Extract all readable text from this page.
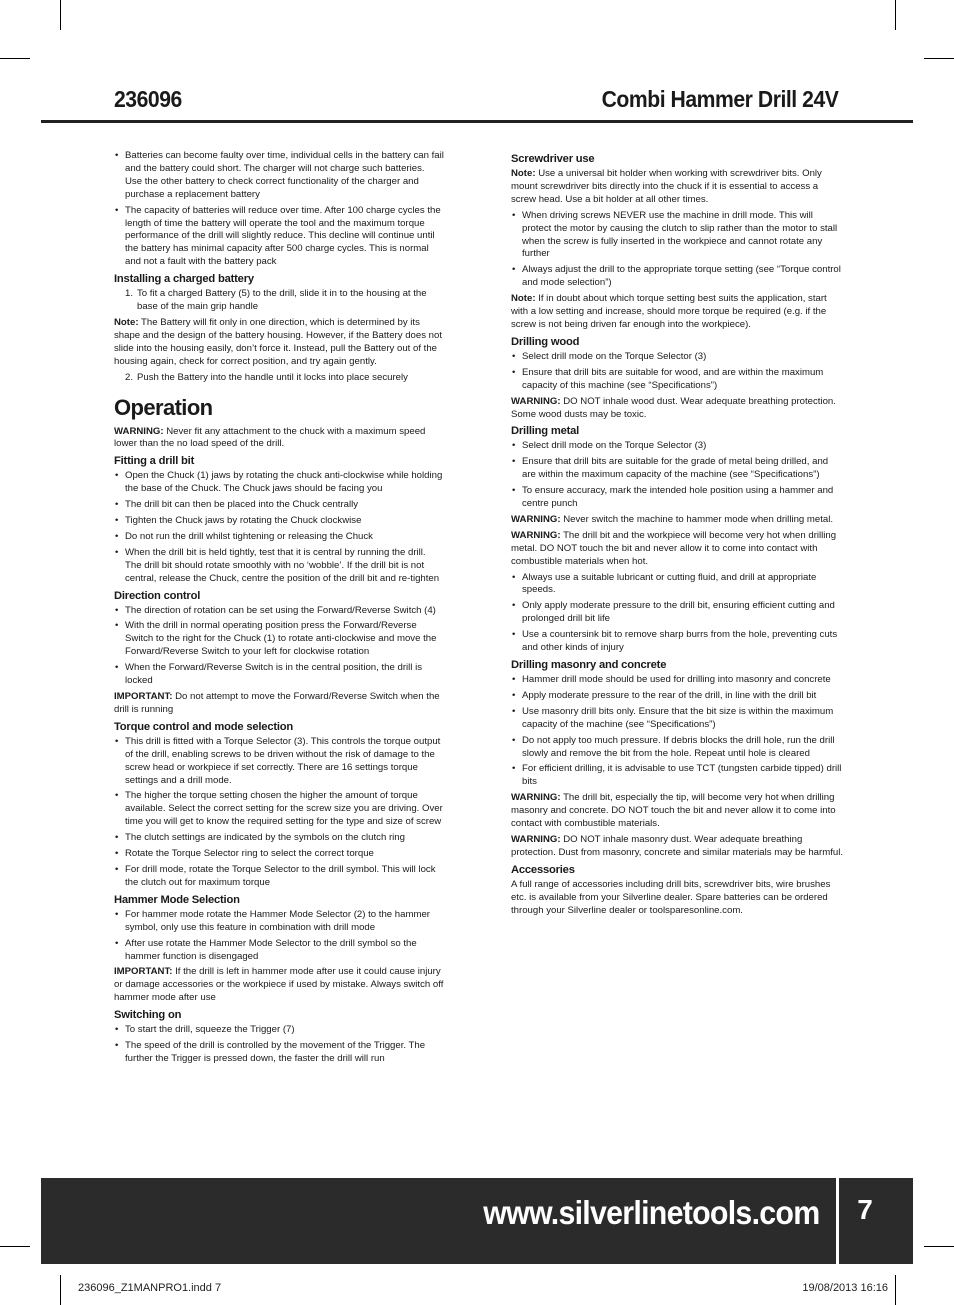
236096	Combi Hammer Drill 24V
• Batteries can become faulty over time, individual cells in the battery can fail and the battery could short. The charger will not charge such batteries. Use the other battery to check correct functionality of the charger and purchase a replacement battery
• The capacity of batteries will reduce over time. After 100 charge cycles the length of time the battery will operate the tool and the maximum torque performance of the drill will slightly reduce. This decline will continue until the battery has minimal capacity after 500 charge cycles. This is normal and not a fault with the battery pack
Installing a charged battery
1. To fit a charged Battery (5) to the drill, slide it in to the housing at the base of the main grip handle

Note: The Battery will fit only in one direction, which is determined by its shape and the design of the battery housing. However, if the Battery does not slide into the housing easily, don’t force it. Instead, pull the Battery out of the housing again, check for correct position, and try again gently.

2. Push the Battery into the handle until it locks into place securely
Operation

WARNING: Never fit any attachment to the chuck with a maximum speed lower than the no load speed of the drill.

Fitting a drill bit
• Open the Chuck (1) jaws by rotating the chuck anti-clockwise while holding the base of the Chuck. The Chuck jaws should be facing you
• The drill bit can then be placed into the Chuck centrally
• Tighten the Chuck jaws by rotating the Chuck clockwise
• Do not run the drill whilst tightening or releasing the Chuck
• When the drill bit is held tightly, test that it is central by running the drill. The drill bit should rotate smoothly with no ‘wobble’. If the drill bit is not central, release the Chuck, centre the position of the drill bit and re-tighten
Direction control
• The direction of rotation can be set using the Forward/Reverse Switch (4)
• With the drill in normal operating position press the Forward/Reverse Switch to the right for the Chuck (1) to rotate anti-clockwise and move the Forward/Reverse Switch to your left for clockwise rotation
• When the Forward/Reverse Switch is in the central position, the drill is locked

IMPORTANT: Do not attempt to move the Forward/Reverse Switch when the drill is running

Torque control and mode selection
• This drill is fitted with a Torque Selector (3). This controls the torque output of the drill, enabling screws to be driven without the risk of damage to the screw head or workpiece if set correctly. There are 16 settings torque settings and a drill mode.
• The higher the torque setting chosen the higher the amount of torque available. Select the correct setting for the screw size you are driving. Over time you will get to know the required setting for the type and size of screw
• The clutch settings are indicated by the symbols on the clutch ring
• Rotate the Torque Selector ring to select the correct torque
• For drill mode, rotate the Torque Selector to the drill symbol. This will lock the clutch out for maximum torque
Hammer Mode Selection
• For hammer mode rotate the Hammer Mode Selector (2) to the hammer symbol, only use this feature in combination with drill mode
• After use rotate the Hammer Mode Selector to the drill symbol so the hammer function is disengaged

IMPORTANT: If the drill is left in hammer mode after use it could cause injury or damage accessories or the workpiece if used by mistake. Always switch off hammer mode after use

Switching on
• To start the drill, squeeze the Trigger (7)
• The speed of the drill is controlled by the movement of the Trigger. The further the Trigger is pressed down, the faster the drill will run
Screwdriver use

Note: Use a universal bit holder when working with screwdriver bits. Only mount screwdriver bits directly into the chuck if it is essential to access a screw head. Use a bit holder at all other times.

• When driving screws NEVER use the machine in drill mode. This will protect the motor by causing the clutch to slip rather than the motor to stall when the screw is fully inserted in the workpiece and cannot rotate any further
• Always adjust the drill to the appropriate torque setting (see “Torque control and mode selection”)

Note: If in doubt about which torque setting best suits the application, start with a low setting and increase, should more torque be required (e.g. if the screw is not being driven far enough into the workpiece).

Drilling wood
• Select drill mode on the Torque Selector (3)
• Ensure that drill bits are suitable for wood, and are within the maximum capacity of this machine (see “Specifications”)

WARNING: DO NOT inhale wood dust. Wear adequate breathing protection. Some wood dusts may be toxic.

Drilling metal
• Select drill mode on the Torque Selector (3)
• Ensure that drill bits are suitable for the grade of metal being drilled, and are within the maximum capacity of the machine (see “Specifications”)
• To ensure accuracy, mark the intended hole position using a hammer and centre punch

WARNING: Never switch the machine to hammer mode when drilling metal.

WARNING: The drill bit and the workpiece will become very hot when drilling metal. DO NOT touch the bit and never allow it to come into contact with combustible materials when hot.

• Always use a suitable lubricant or cutting fluid, and drill at appropriate speeds.
• Only apply moderate pressure to the drill bit, ensuring efficient cutting and prolonged drill bit life
• Use a countersink bit to remove sharp burrs from the hole, preventing cuts and other kinds of injury
Drilling masonry and concrete
• Hammer drill mode should be used for drilling into masonry and concrete
• Apply moderate pressure to the rear of the drill, in line with the drill bit
• Use masonry drill bits only. Ensure that the bit size is within the maximum capacity of the machine (see “Specifications”)
• Do not apply too much pressure. If debris blocks the drill hole, run the drill slowly and remove the bit from the hole. Repeat until hole is cleared
• For efficient drilling, it is advisable to use TCT (tungsten carbide tipped) drill bits

WARNING: The drill bit, especially the tip, will become very hot when drilling masonry and concrete. DO NOT touch the bit and never allow it to come into contact with combustible materials.

WARNING: DO NOT inhale masonry dust. Wear adequate breathing protection. Dust from masonry, concrete and similar materials may be harmful.

Accessories

A full range of accessories including drill bits, screwdriver bits, wire brushes etc. is available from your Silverline dealer. Spare batteries can be ordered through your Silverline dealer or toolsparesonline.com.

www.silverlinetools.com	7
236096_Z1MANPRO1.indd 7	19/08/2013 16:16
